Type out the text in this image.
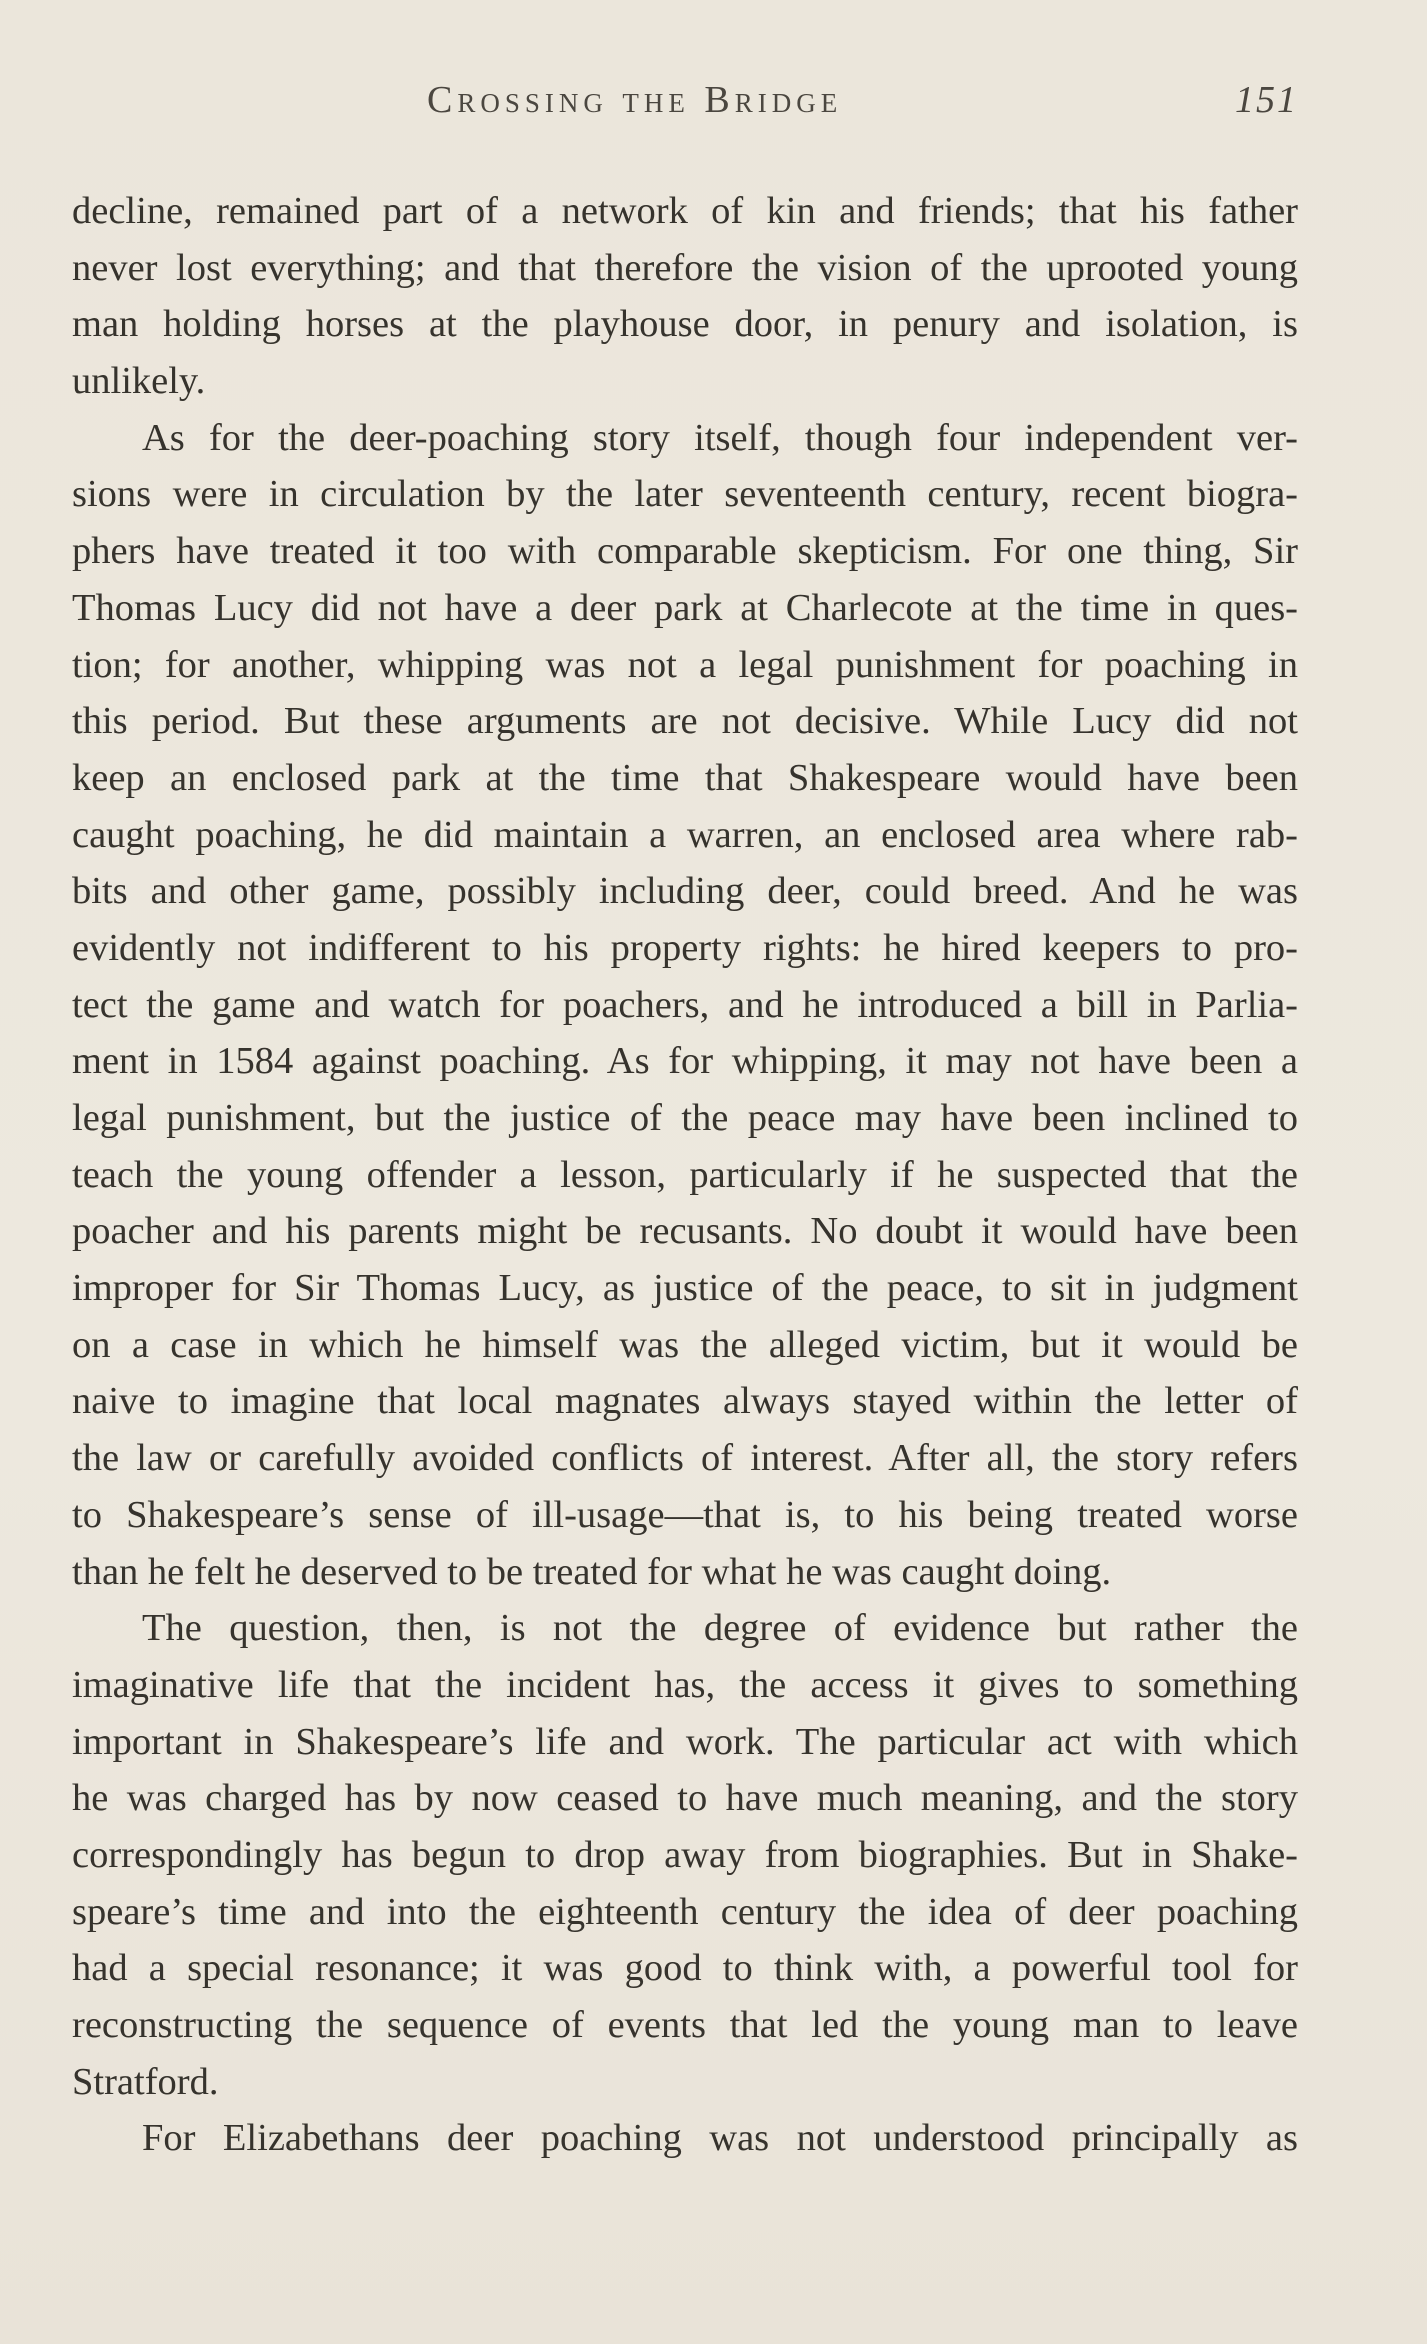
Crossing the Bridge	151
decline, remained part of a network of kin and friends; that his father
never lost everything; and that therefore the vision of the uprooted young
man holding horses at the playhouse door, in penury and isolation, is
unlikely.
As for the deer-poaching story itself, though four independent ver-
sions were in circulation by the later seventeenth century, recent biogra-
phers have treated it too with comparable skepticism. For one thing, Sir
Thomas Lucy did not have a deer park at Charlecote at the time in ques-
tion; for another, whipping was not a legal punishment for poaching in
this period. But these arguments are not decisive. While Lucy did not
keep an enclosed park at the time that Shakespeare would have been
caught poaching, he did maintain a warren, an enclosed area where rab-
bits and other game, possibly including deer, could breed. And he was
evidently not indifferent to his property rights: he hired keepers to pro-
tect the game and watch for poachers, and he introduced a bill in Parlia-
ment in 1584 against poaching. As for whipping, it may not have been a
legal punishment, but the justice of the peace may have been inclined to
teach the young offender a lesson, particularly if he suspected that the
poacher and his parents might be recusants. No doubt it would have been
improper for Sir Thomas Lucy, as justice of the peace, to sit in judgment
on a case in which he himself was the alleged victim, but it would be
naive to imagine that local magnates always stayed within the letter of
the law or carefully avoided conflicts of interest. After all, the story refers
to Shakespeare’s sense of ill-usage—that is, to his being treated worse
than he felt he deserved to be treated for what he was caught doing.
The question, then, is not the degree of evidence but rather the
imaginative life that the incident has, the access it gives to something
important in Shakespeare’s life and work. The particular act with which
he was charged has by now ceased to have much meaning, and the story
correspondingly has begun to drop away from biographies. But in Shake-
speare’s time and into the eighteenth century the idea of deer poaching
had a special resonance; it was good to think with, a powerful tool for
reconstructing the sequence of events that led the young man to leave
Stratford.
For Elizabethans deer poaching was not understood principally as
